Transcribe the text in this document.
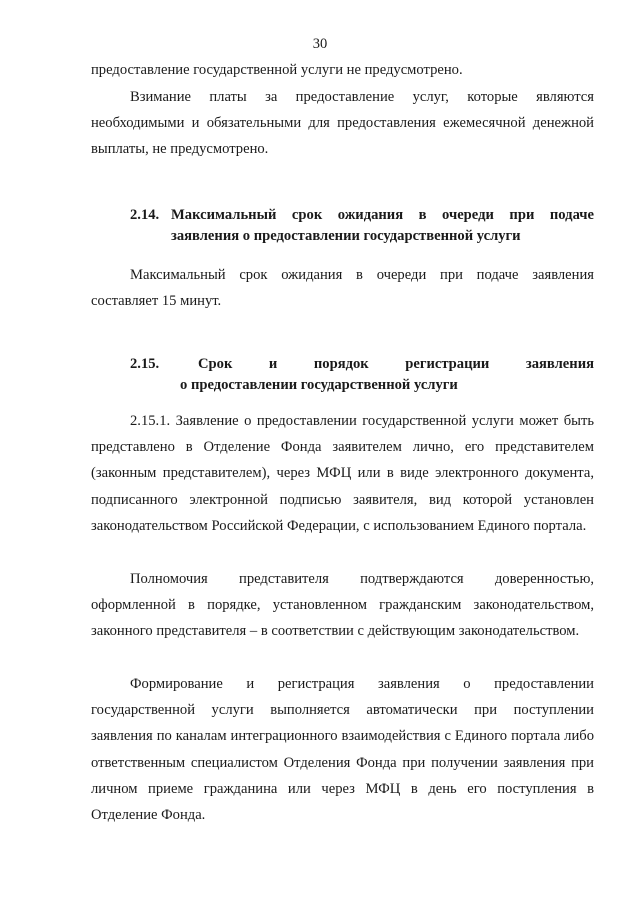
30

предоставление государственной услуги не предусмотрено.

Взимание платы за предоставление услуг, которые являются необходимыми и обязательными для предоставления ежемесячной денежной выплаты, не предусмотрено.

2.14. Максимальный срок ожидания в очереди при подаче
заявления о предоставлении государственной услуги

Максимальный срок ожидания в очереди при подаче заявления составляет 15 минут.

2.15.	Срок и порядок регистрации заявления
о предоставлении государственной услуги

2.15.1. Заявление о предоставлении государственной услуги может быть представлено в Отделение Фонда заявителем лично, его представителем (законным представителем), через МФЦ или в виде электронного документа, подписанного электронной подписью заявителя, вид которой установлен законодательством Российской Федерации, с использованием Единого портала.

Полномочия представителя подтверждаются доверенностью, оформленной в порядке, установленном гражданским законодательством, законного представителя – в соответствии с действующим законодательством.

Формирование и регистрация заявления о предоставлении государственной услуги выполняется автоматически при поступлении заявления по каналам интеграционного взаимодействия с Единого портала либо ответственным специалистом Отделения Фонда при получении заявления при личном приеме гражданина или через МФЦ в день его поступления в Отделение Фонда.
